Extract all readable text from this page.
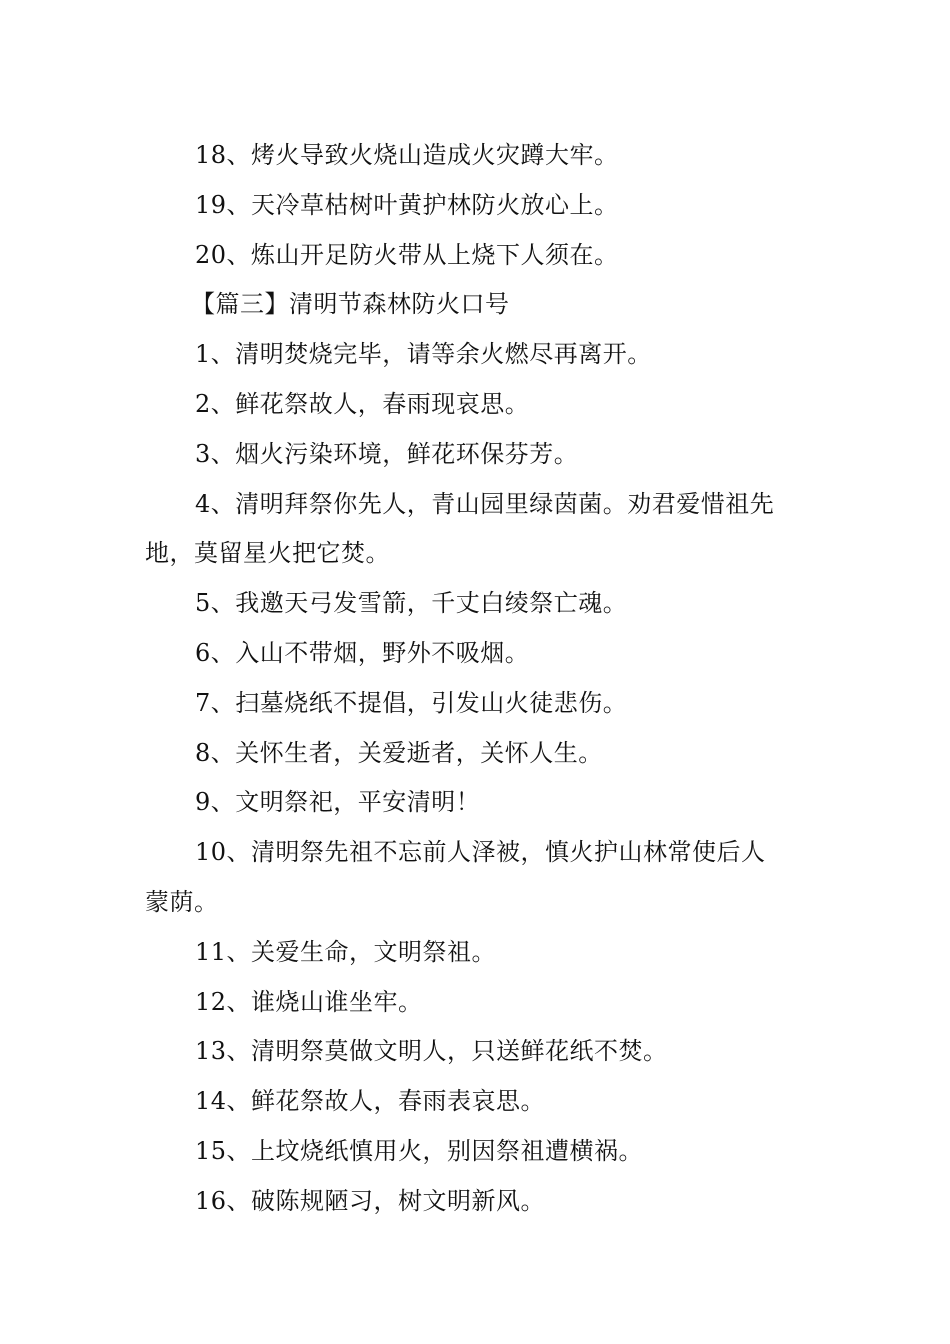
18、烤火导致火烧山造成火灾蹲大牢。

19、天冷草枯树叶黄护林防火放心上。

20、炼山开足防火带从上烧下人须在。

【篇三】清明节森林防火口号

1、清明焚烧完毕，请等余火燃尽再离开。

2、鲜花祭故人，春雨现哀思。

3、烟火污染环境，鲜花环保芬芳。

4、清明拜祭你先人，青山园里绿茵菌。劝君爱惜祖先

地，莫留星火把它焚。

5、我邀天弓发雪箭，千丈白绫祭亡魂。

6、入山不带烟，野外不吸烟。

7、扫墓烧纸不提倡，引发山火徒悲伤。

8、关怀生者，关爱逝者，关怀人生。

9、文明祭祀，平安清明！

10、清明祭先祖不忘前人泽被，慎火护山林常使后人

蒙荫。

11、关爱生命，文明祭祖。

12、谁烧山谁坐牢。

13、清明祭莫做文明人，只送鲜花纸不焚。

14、鲜花祭故人，春雨表哀思。

15、上坟烧纸慎用火，别因祭祖遭横祸。

16、破陈规陋习，树文明新风。
